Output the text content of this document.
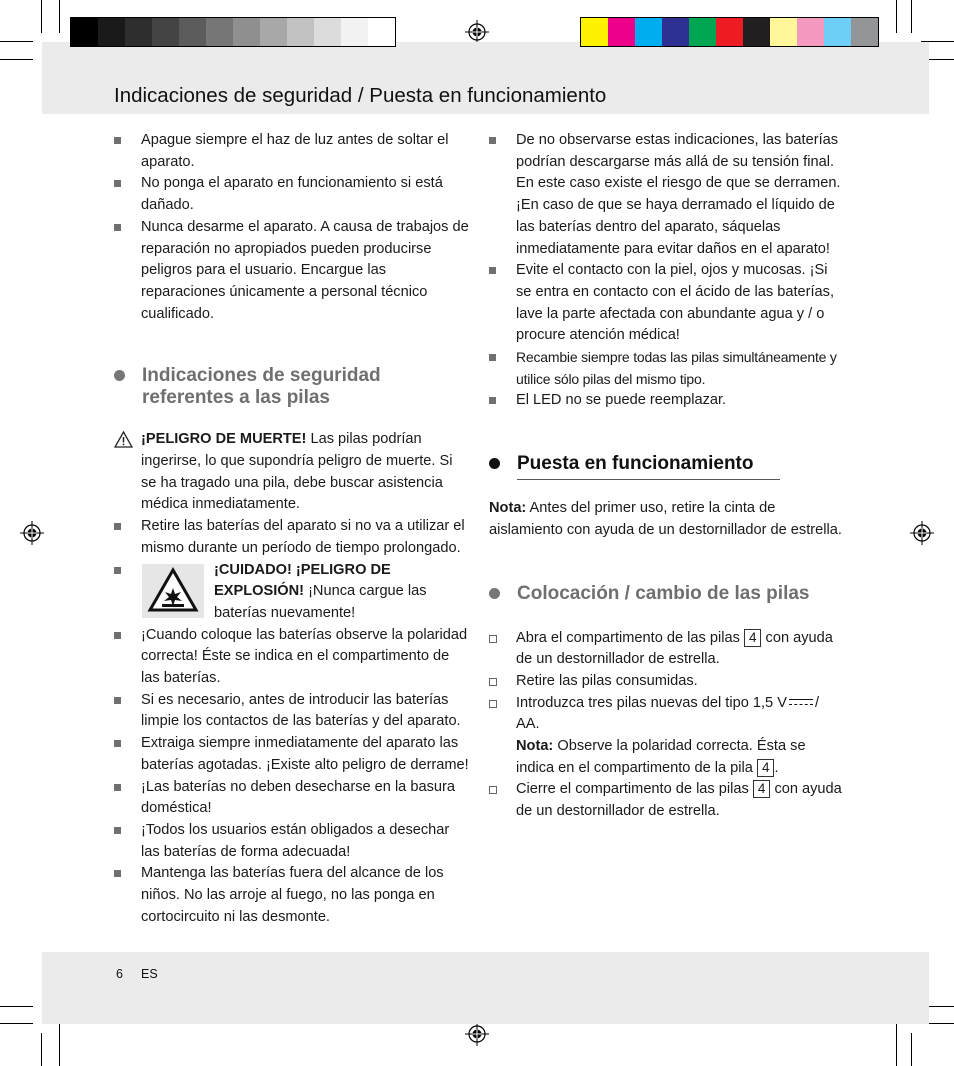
Indicaciones de seguridad / Puesta en funcionamiento
Apague siempre el haz de luz antes de soltar el aparato.
No ponga el aparato en funcionamiento si está dañado.
Nunca desarme el aparato. A causa de trabajos de reparación no apropiados pueden producirse peligros para el usuario. Encargue las reparaciones únicamente a personal técnico cualificado.
Indicaciones de seguridad referentes a las pilas
¡PELIGRO DE MUERTE! Las pilas podrían ingerirse, lo que supondría peligro de muerte. Si se ha tragado una pila, debe buscar asistencia médica inmediatamente.
Retire las baterías del aparato si no va a utilizar el mismo durante un período de tiempo prolongado.
¡CUIDADO! ¡PELIGRO DE EXPLOSIÓN! ¡Nunca cargue las baterías nuevamente!
¡Cuando coloque las baterías observe la polaridad correcta! Éste se indica en el compartimento de las baterías.
Si es necesario, antes de introducir las baterías limpie los contactos de las baterías y del aparato.
Extraiga siempre inmediatamente del aparato las baterías agotadas. ¡Existe alto peligro de derrame!
¡Las baterías no deben desecharse en la basura doméstica!
¡Todos los usuarios están obligados a desechar las baterías de forma adecuada!
Mantenga las baterías fuera del alcance de los niños. No las arroje al fuego, no las ponga en cortocircuito ni las desmonte.
De no observarse estas indicaciones, las baterías podrían descargarse más allá de su tensión final. En este caso existe el riesgo de que se derramen. ¡En caso de que se haya derramado el líquido de las baterías dentro del aparato, sáquelas inmediatamente para evitar daños en el aparato!
Evite el contacto con la piel, ojos y mucosas. ¡Si se entra en contacto con el ácido de las baterías, lave la parte afectada con abundante agua y / o procure atención médica!
Recambie siempre todas las pilas simultáneamente y utilice sólo pilas del mismo tipo.
El LED no se puede reemplazar.
Puesta en funcionamiento
Nota: Antes del primer uso, retire la cinta de aislamiento con ayuda de un destornillador de estrella.
Colocación / cambio de las pilas
Abra el compartimento de las pilas 4 con ayuda de un destornillador de estrella.
Retire las pilas consumidas.
Introduzca tres pilas nuevas del tipo 1,5 V / AA.
Nota: Observe la polaridad correcta. Ésta se indica en el compartimento de la pila 4 .
Cierre el compartimento de las pilas 4 con ayuda de un destornillador de estrella.
6 ES
